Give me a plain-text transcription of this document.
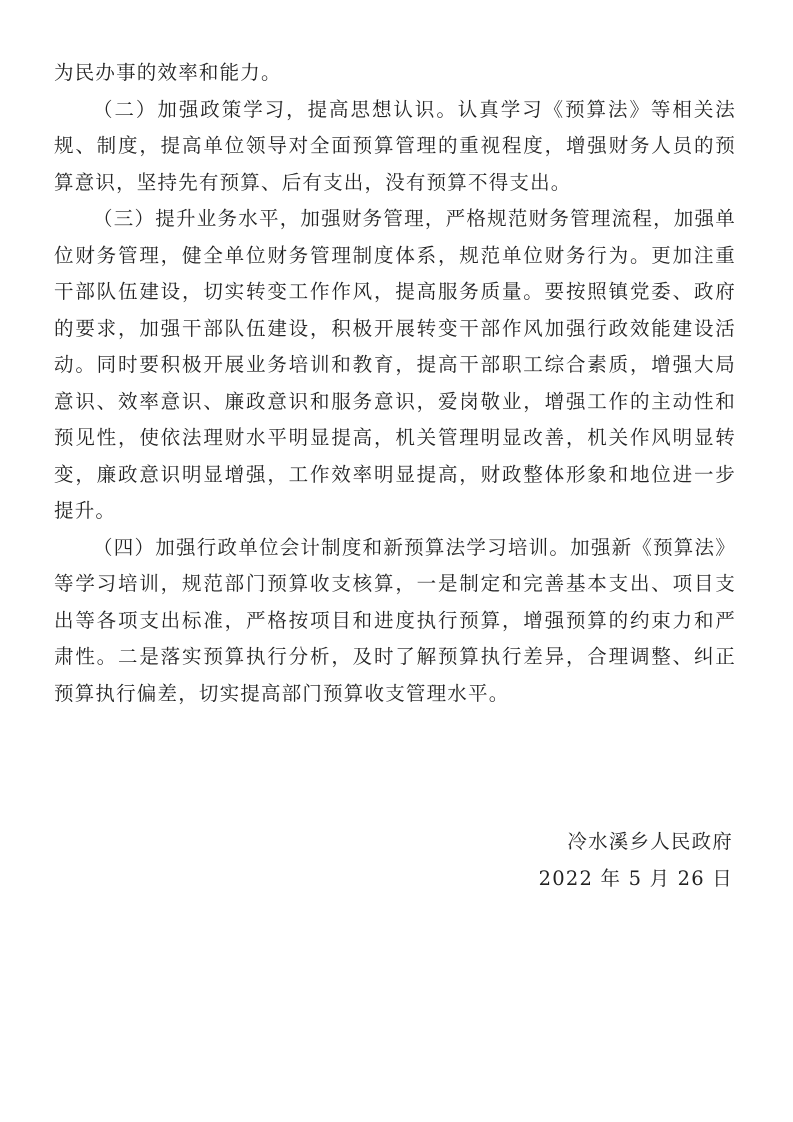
为民办事的效率和能力。

（二）加强政策学习，提高思想认识。认真学习《预算法》等相关法规、制度，提高单位领导对全面预算管理的重视程度，增强财务人员的预算意识，坚持先有预算、后有支出，没有预算不得支出。

（三）提升业务水平，加强财务管理，严格规范财务管理流程，加强单位财务管理，健全单位财务管理制度体系，规范单位财务行为。更加注重干部队伍建设，切实转变工作作风，提高服务质量。要按照镇党委、政府的要求，加强干部队伍建设，积极开展转变干部作风加强行政效能建设活动。同时要积极开展业务培训和教育，提高干部职工综合素质，增强大局意识、效率意识、廉政意识和服务意识，爱岗敬业，增强工作的主动性和预见性，使依法理财水平明显提高，机关管理明显改善，机关作风明显转变，廉政意识明显增强，工作效率明显提高，财政整体形象和地位进一步提升。

（四）加强行政单位会计制度和新预算法学习培训。加强新《预算法》等学习培训，规范部门预算收支核算，一是制定和完善基本支出、项目支出等各项支出标准，严格按项目和进度执行预算，增强预算的约束力和严肃性。二是落实预算执行分析，及时了解预算执行差异，合理调整、纠正预算执行偏差，切实提高部门预算收支管理水平。

冷水溪乡人民政府
2022 年 5 月 26 日
